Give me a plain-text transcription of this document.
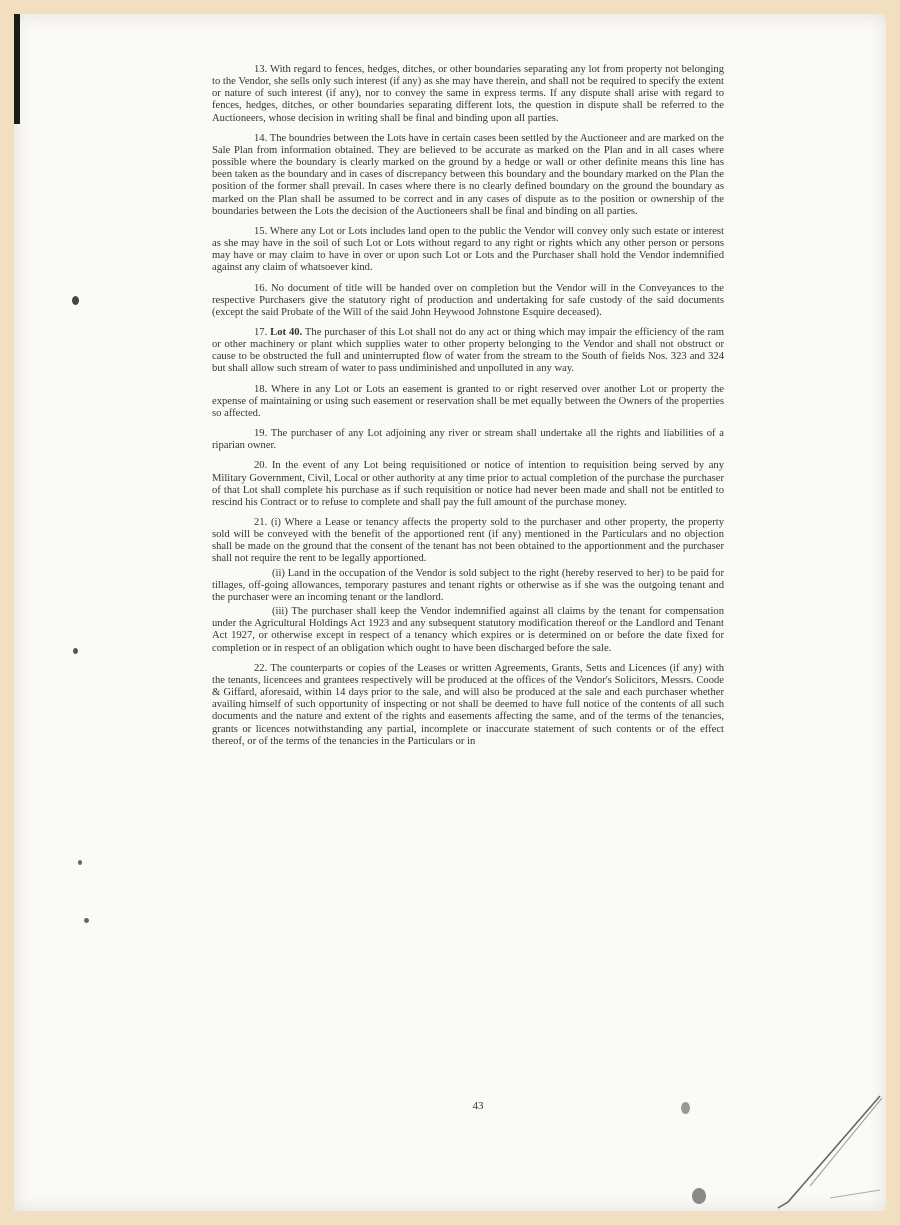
13. With regard to fences, hedges, ditches, or other boundaries separating any lot from property not belonging to the Vendor, she sells only such interest (if any) as she may have therein, and shall not be required to specify the extent or nature of such interest (if any), nor to convey the same in express terms. If any dispute shall arise with regard to fences, hedges, ditches, or other boundaries separating different lots, the question in dispute shall be referred to the Auctioneers, whose decision in writing shall be final and binding upon all parties.

14. The boundries between the Lots have in certain cases been settled by the Auctioneer and are marked on the Sale Plan from information obtained. They are believed to be accurate as marked on the Plan and in all cases where possible where the boundary is clearly marked on the ground by a hedge or wall or other definite means this line has been taken as the boundary and in cases of discrepancy between this boundary and the boundary marked on the Plan the position of the former shall prevail. In cases where there is no clearly defined boundary on the ground the boundary as marked on the Plan shall be assumed to be correct and in any cases of dispute as to the position or ownership of the boundaries between the Lots the decision of the Auctioneers shall be final and binding on all parties.

15. Where any Lot or Lots includes land open to the public the Vendor will convey only such estate or interest as she may have in the soil of such Lot or Lots without regard to any right or rights which any other person or persons may have or may claim to have in over or upon such Lot or Lots and the Purchaser shall hold the Vendor indemnified against any claim of whatsoever kind.

16. No document of title will be handed over on completion but the Vendor will in the Conveyances to the respective Purchasers give the statutory right of production and undertaking for safe custody of the said documents (except the said Probate of the Will of the said John Heywood Johnstone Esquire deceased).

17. Lot 40. The purchaser of this Lot shall not do any act or thing which may impair the efficiency of the ram or other machinery or plant which supplies water to other property belonging to the Vendor and shall not obstruct or cause to be obstructed the full and uninterrupted flow of water from the stream to the South of fields Nos. 323 and 324 but shall allow such stream of water to pass undiminished and unpolluted in any way.

18. Where in any Lot or Lots an easement is granted to or right reserved over another Lot or property the expense of maintaining or using such easement or reservation shall be met equally between the Owners of the properties so affected.

19. The purchaser of any Lot adjoining any river or stream shall undertake all the rights and liabilities of a riparian owner.

20. In the event of any Lot being requisitioned or notice of intention to requisition being served by any Military Government, Civil, Local or other authority at any time prior to actual completion of the purchase the purchaser of that Lot shall complete his purchase as if such requisition or notice had never been made and shall not be entitled to rescind his Contract or to refuse to complete and shall pay the full amount of the purchase money.

21. (i) Where a Lease or tenancy affects the property sold to the purchaser and other property, the property sold will be conveyed with the benefit of the apportioned rent (if any) mentioned in the Particulars and no objection shall be made on the ground that the consent of the tenant has not been obtained to the apportionment and the purchaser shall not require the rent to be legally apportioned.

(ii) Land in the occupation of the Vendor is sold subject to the right (hereby reserved to her) to be paid for tillages, off-going allowances, temporary pastures and tenant rights or otherwise as if she was the outgoing tenant and the purchaser were an incoming tenant or the landlord.

(iii) The purchaser shall keep the Vendor indemnified against all claims by the tenant for compensation under the Agricultural Holdings Act 1923 and any subsequent statutory modification thereof or the Landlord and Tenant Act 1927, or otherwise except in respect of a tenancy which expires or is determined on or before the date fixed for completion or in respect of an obligation which ought to have been discharged before the sale.

22. The counterparts or copies of the Leases or written Agreements, Grants, Setts and Licences (if any) with the tenants, licencees and grantees respectively will be produced at the offices of the Vendor's Solicitors, Messrs. Coode & Giffard, aforesaid, within 14 days prior to the sale, and will also be produced at the sale and each purchaser whether availing himself of such opportunity of inspecting or not shall be deemed to have full notice of the contents of all such documents and the nature and extent of the rights and easements affecting the same, and of the terms of the tenancies, grants or licences notwithstanding any partial, incomplete or inaccurate statement of such contents or of the effect thereof, or of the terms of the tenancies in the Particulars or in

43
